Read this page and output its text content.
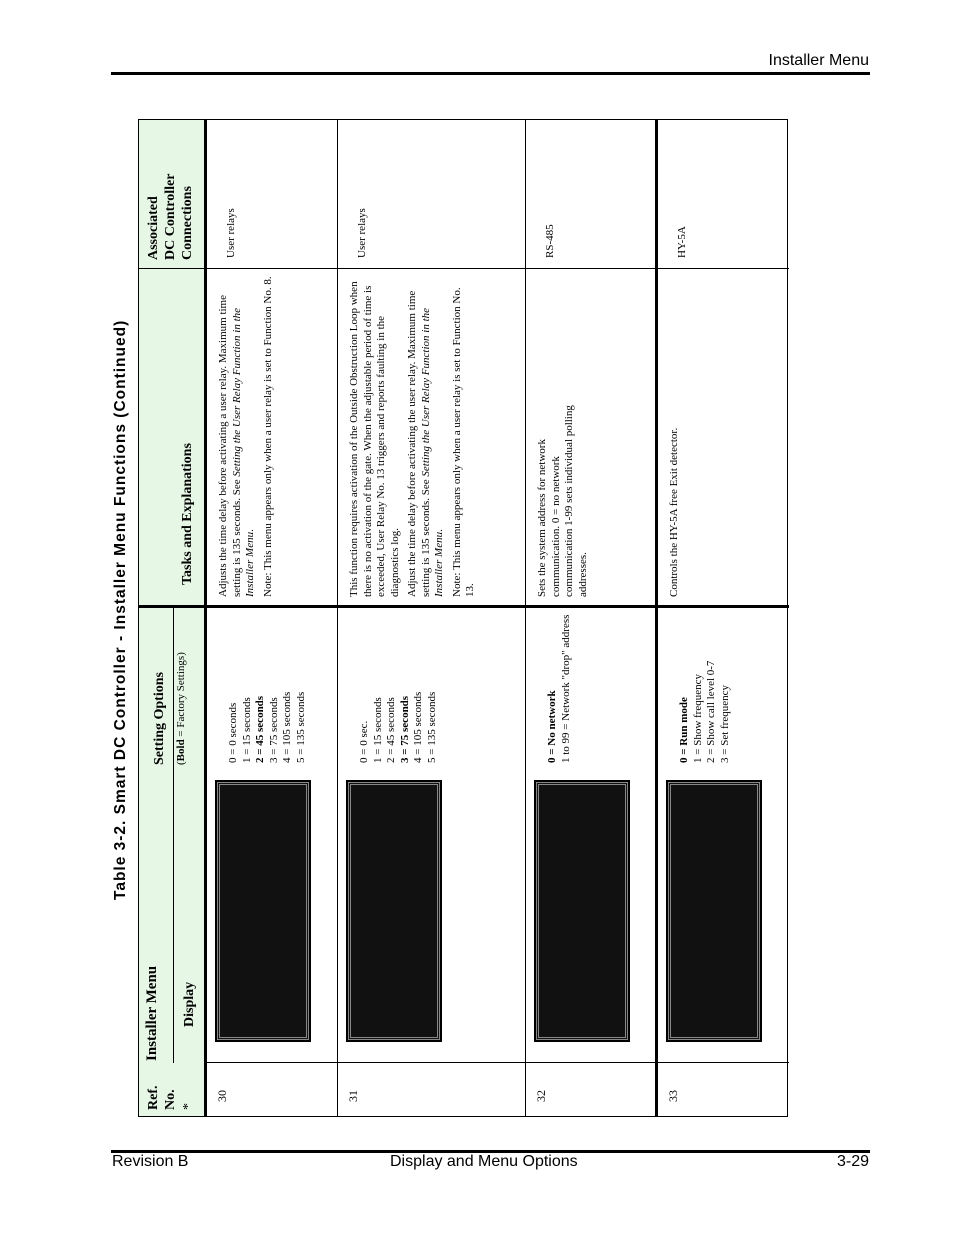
Installer Menu
Table 3-2. Smart DC Controller - Installer Menu Functions (Continued)
Ref. No. *
Installer Menu Display
Setting Options (Bold = Factory Settings)
Tasks and Explanations
Associated DC Controller Connections
30
0 = 0 seconds 1 = 15 seconds 2 = 45 seconds 3 = 75 seconds 4 = 105 seconds 5 = 135 seconds

Adjusts the time delay before activating a user relay. Maximum time setting is 135 seconds. See Setting the User Relay Function in the Installer Menu. Note: This menu appears only when a user relay is set to Function No. 8.

User relays
31
0 = 0 sec. 1 = 15 seconds 2 = 45 seconds 3 = 75 seconds 4 = 105 seconds 5 = 135 seconds

This function requires activation of the Outside Obstruction Loop when there is no activation of the gate. When the adjustable period of time is exceeded, User Relay No. 13 triggers and reports faulting in the diagnostics log. Adjust the time delay before activating the user relay. Maximum time setting is 135 seconds. See Setting the User Relay Function in the Installer Menu. Note: This menu appears only when a user relay is set to Function No. 13.

User relays
32
0 = No network 1 to 99 = Network "drop" address

Sets the system address for network communication. 0 = no network communication 1-99 sets individual polling addresses.

RS-485
33
0 = Run mode 1 = Show frequency 2 = Show call level 0-7 3 = Set frequency

Controls the HY-5A free Exit detector.

HY-5A
Revision B	Display and Menu Options	3-29
